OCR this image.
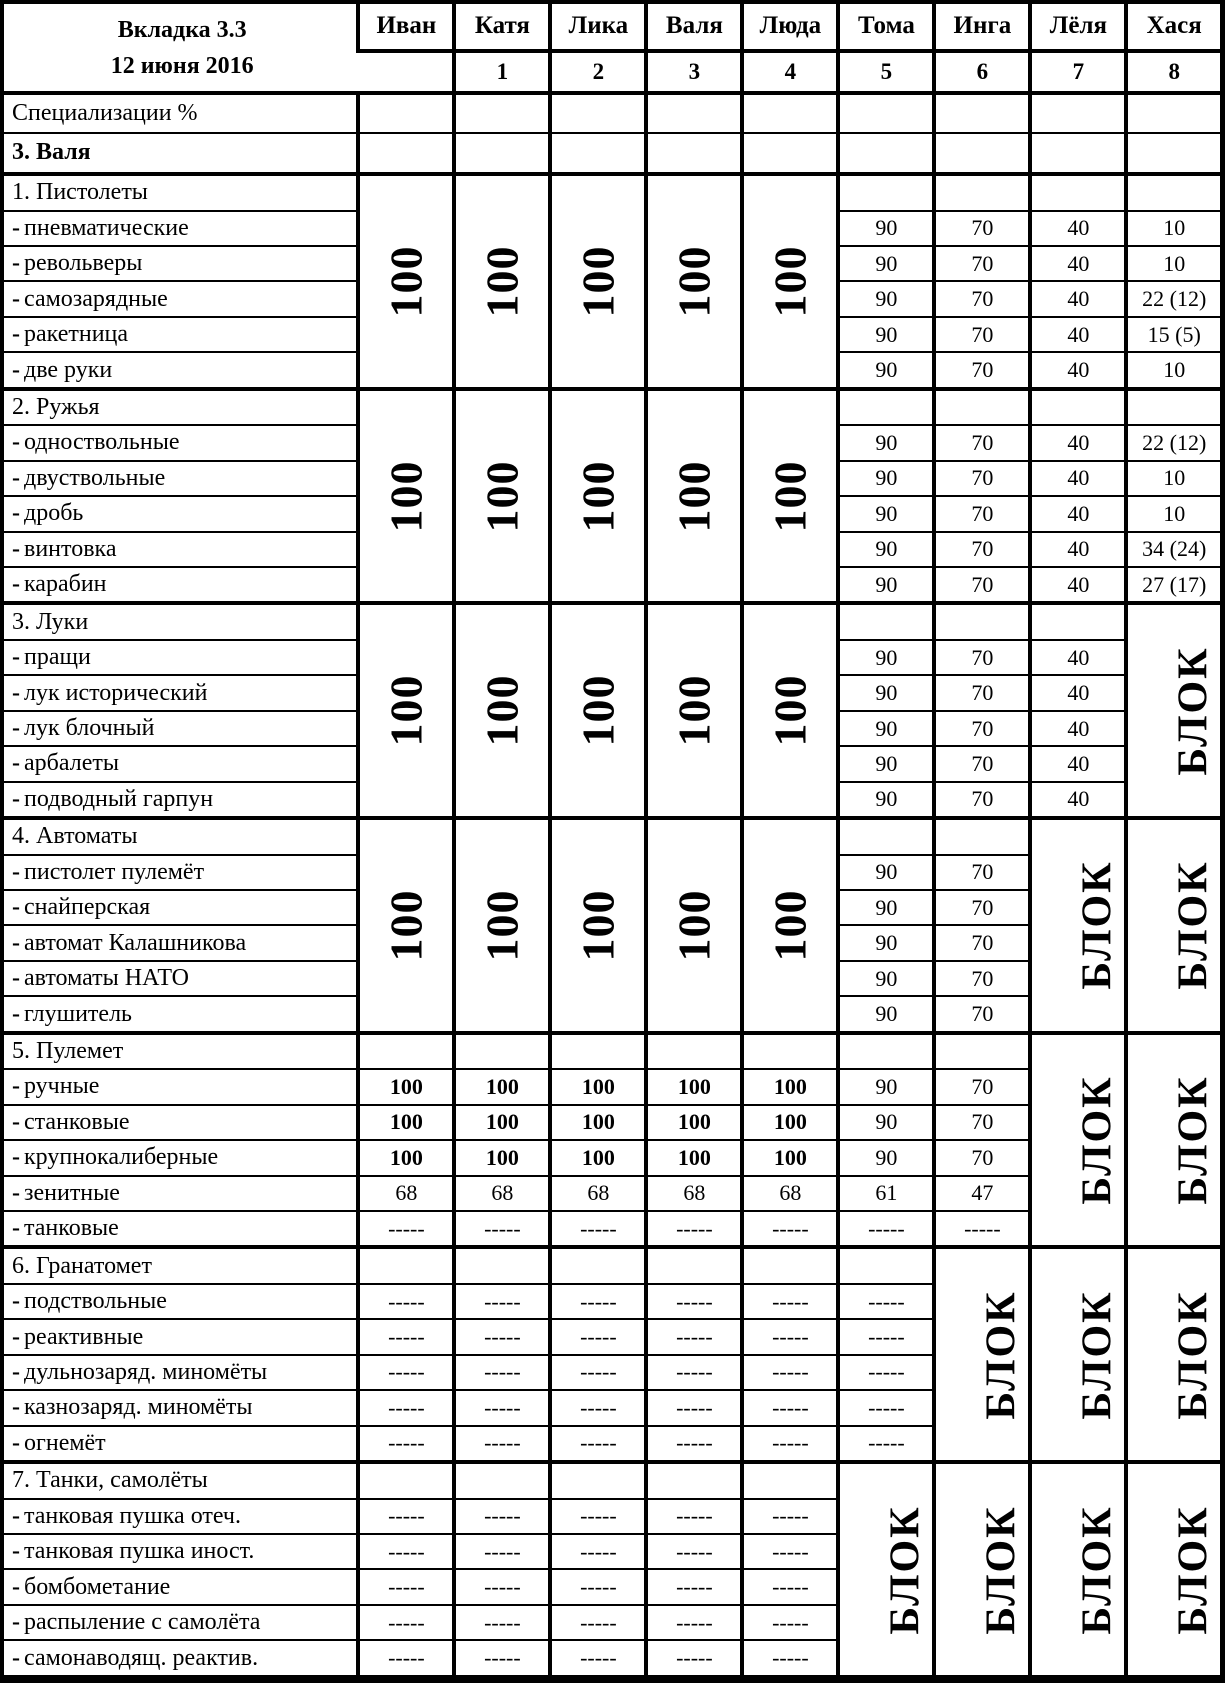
Вкладка 3.3
12 июня 2016	Иван	Катя	Лика	Валя	Люда	Тома	Инга	Лёля	Хася
		1	2	3	4	5	6	7	8
Специализации %									
3. Валя									
1. Пистолеты	100	100	100	100	100				
- пневматические						90	70	40	10
- револьверы						90	70	40	10
- самозарядные						90	70	40	22 (12)
- ракетница						90	70	40	15 (5)
- две руки						90	70	40	10
2. Ружья	100	100	100	100	100				
- одноствольные						90	70	40	22 (12)
- двуствольные						90	70	40	10
- дробь						90	70	40	10
- винтовка						90	70	40	34 (24)
- карабин						90	70	40	27 (17)
3. Луки	100	100	100	100	100				БЛОК
- пращи						90	70	40	
- лук исторический						90	70	40	
- лук блочный						90	70	40	
- арбалеты						90	70	40	
- подводный гарпун						90	70	40	
4. Автоматы	100	100	100	100	100			БЛОК	БЛОК
- пистолет пулемёт						90	70		
- снайперская						90	70		
- автомат Калашникова						90	70		
- автоматы НАТО						90	70		
- глушитель						90	70		
5. Пулемет								БЛОК	БЛОК
- ручные	100	100	100	100	100	90	70		
- станковые	100	100	100	100	100	90	70		
- крупнокалиберные	100	100	100	100	100	90	70		
- зенитные	68	68	68	68	68	61	47		
- танковые	-----	-----	-----	-----	-----	-----	-----		
6. Гранатомет							БЛОК	БЛОК	БЛОК
- подствольные	-----	-----	-----	-----	-----	-----			
- реактивные	-----	-----	-----	-----	-----	-----			
- дульнозаряд. миномёты	-----	-----	-----	-----	-----	-----			
- казнозаряд. миномёты	-----	-----	-----	-----	-----	-----			
- огнемёт	-----	-----	-----	-----	-----	-----			
7. Танки, самолёты						БЛОК	БЛОК	БЛОК	БЛОК
- танковая пушка отеч.	-----	-----	-----	-----	-----				
- танковая пушка иност.	-----	-----	-----	-----	-----				
- бомбометание	-----	-----	-----	-----	-----				
- распыление с самолёта	-----	-----	-----	-----	-----				
- самонаводящ. реактив.	-----	-----	-----	-----	-----				
